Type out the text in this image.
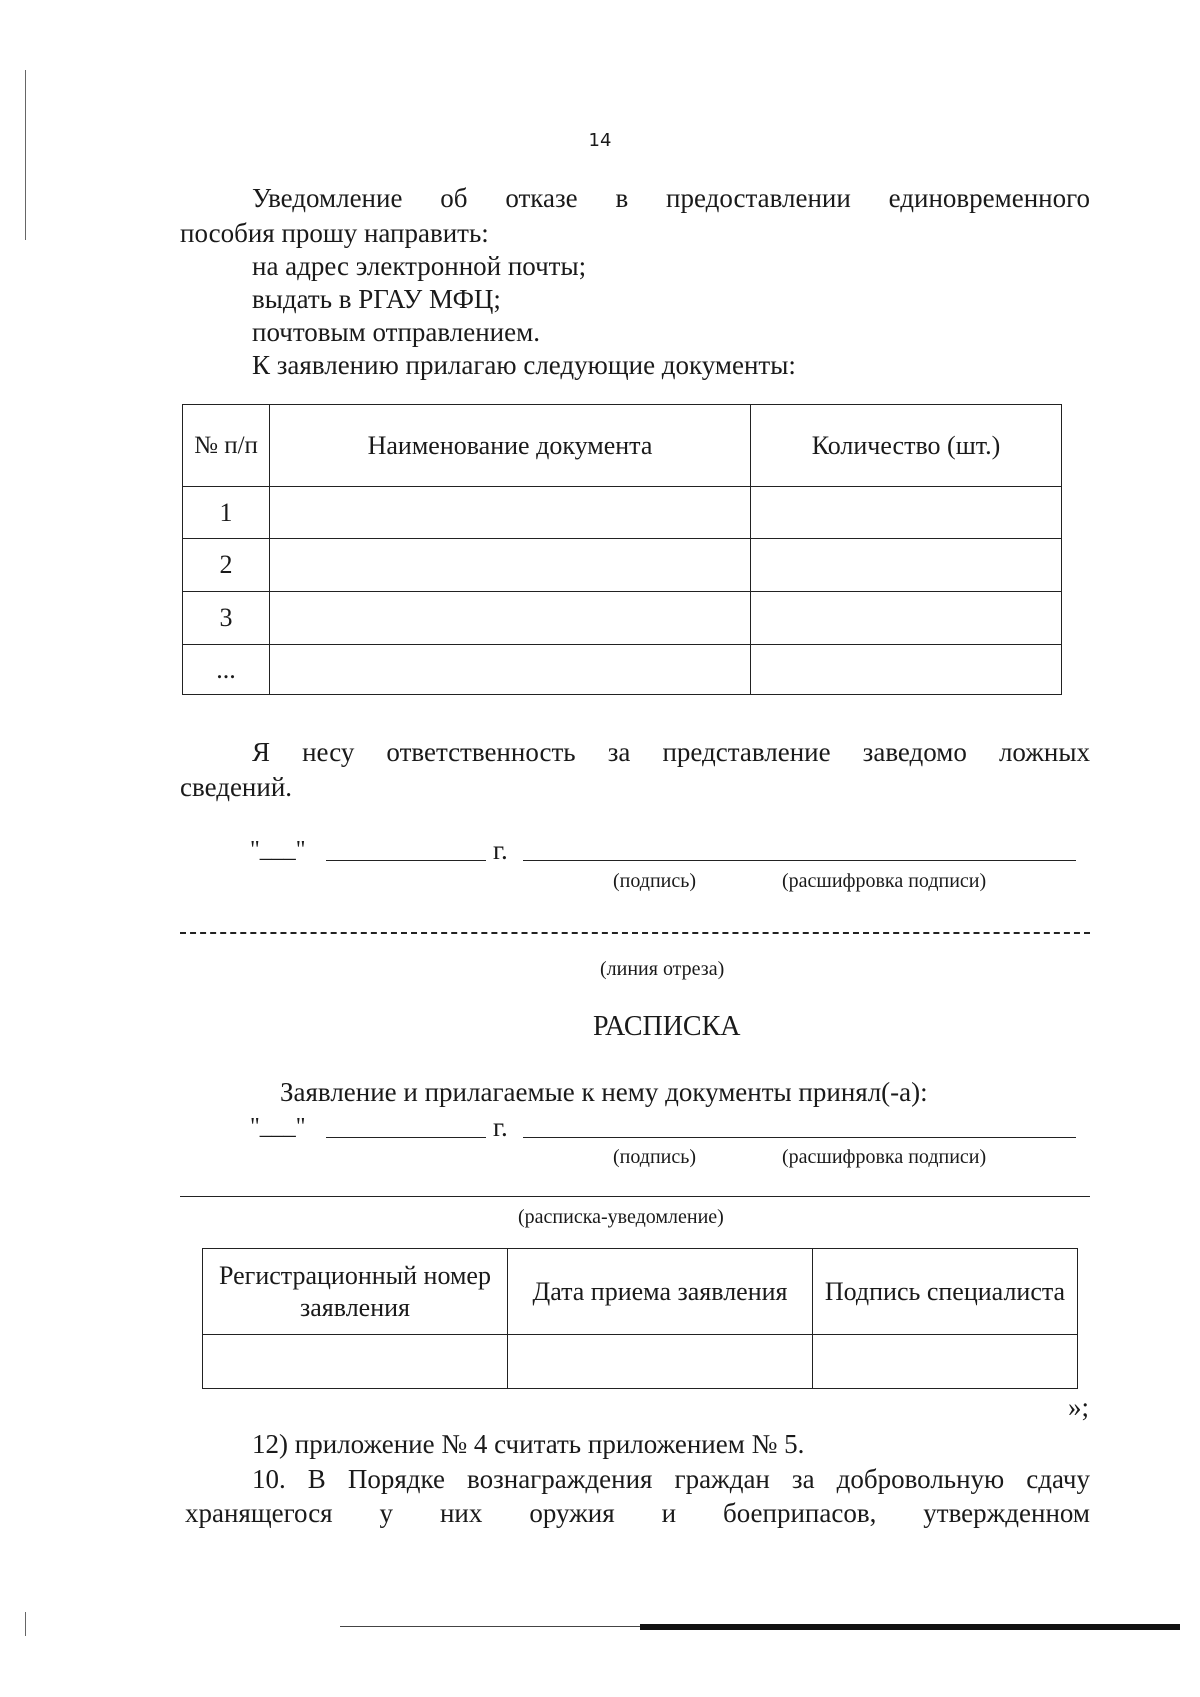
14
Уведомление об отказе в предоставлении единовременного
пособия прошу направить:
на адрес электронной почты;
выдать в РГАУ МФЦ;
почтовым отправлением.
К заявлению прилагаю следующие документы:
№ п/п	Наименование документа	Количество (шт.)
1		
2		
3		
...		
Я несу ответственность за представление заведомо ложных
сведений.
"___"	г.
(подпись)	(расшифровка подписи)
(линия отреза)
РАСПИСКА
Заявление и прилагаемые к нему документы принял(-а):
"___"	г.
(подпись)	(расшифровка подписи)
(расписка-уведомление)
Регистрационный номер заявления	Дата приема заявления	Подпись специалиста

»;
12) приложение № 4 считать приложением № 5.
10. В Порядке вознаграждения граждан за добровольную сдачу
хранящегося у них оружия и боеприпасов, утвержденном
